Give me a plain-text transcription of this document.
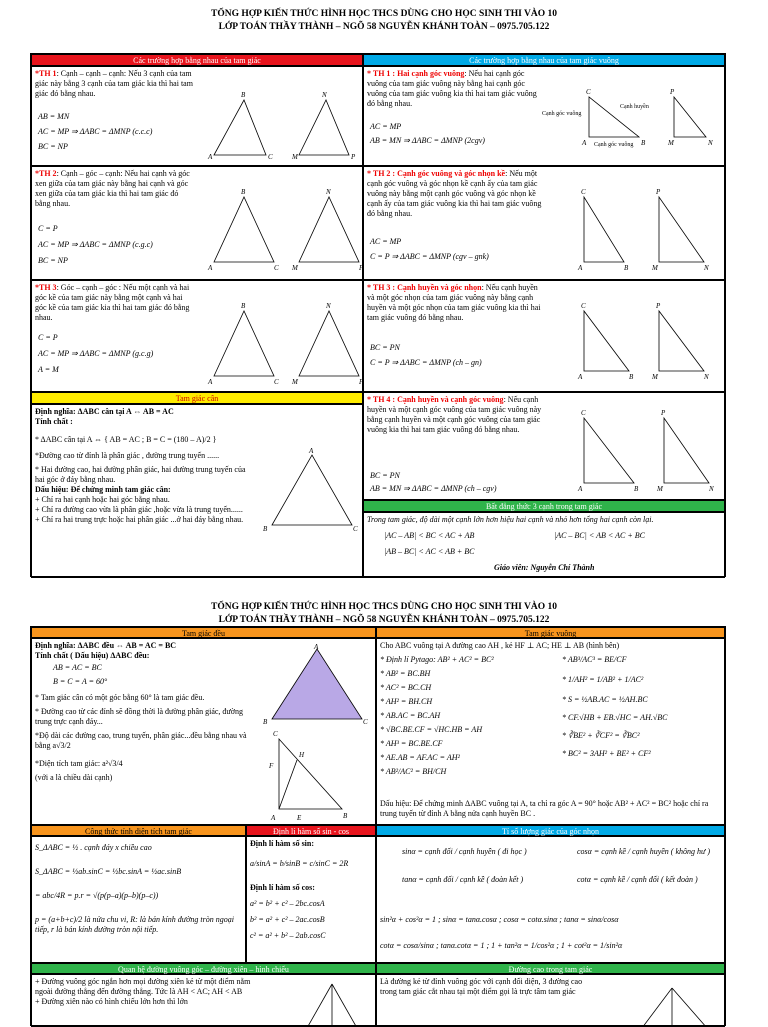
TỔNG HỢP KIẾN THỨC HÌNH HỌC THCS DÙNG CHO HỌC SINH THI VÀO 10
LỚP TOÁN THẦY THÀNH – NGÕ 58 NGUYỄN KHÁNH TOÀN – 0975.705.122
Các trường hợp bằng nhau của tam giác	Các trường hợp bằng nhau của tam giác vuông
*TH 1: Cạnh – cạnh – cạnh: Nếu 3 cạnh của tam giác này bằng 3 cạnh của tam giác kia thì hai tam giác đó bằng nhau.
AB = MN
AC = MP ⇒ ΔABC = ΔMNP (c.c.c)
BC = NP
A
B
C	M
N
P
* TH 1 : Hai cạnh góc vuông: Nếu hai cạnh góc vuông của tam giác vuông này bằng hai cạnh góc vuông của tam giác vuông kia thì hai tam giác vuông đó bằng nhau.
AC = MP
AB = MN ⇒ ΔABC = ΔMNP (2cgv)
C
A	B
P
M	N
Cạnh góc vuông
Cạnh huyền
Cạnh góc vuông
*TH 2: Cạnh – góc – cạnh: Nếu hai cạnh và góc xen giữa của tam giác này bằng hai cạnh và góc xen giữa của tam giác kia thì hai tam giác đó bằng nhau.
C = P
AC = MP ⇒ ΔABC = ΔMNP (c.g.c)
BC = NP
A
B
C M
N
P
* TH 2 : Cạnh góc vuông và góc nhọn kề: Nếu một cạnh góc vuông và góc nhọn kề cạnh ấy của tam giác vuông này bằng một cạnh góc vuông và góc nhọn kề cạnh ấy của tam giác vuông kia thì hai tam giác vuông đó bằng nhau.
AC = MP
C = P ⇒ ΔABC = ΔMNP (cgv – gnk)
C
A	B
P
M	N
*TH 3: Góc – cạnh – góc : Nếu một cạnh và hai góc kề của tam giác này bằng một cạnh và hai góc kề của tam giác kia thì hai tam giác đó bằng nhau.
C = P
AC = MP ⇒ ΔABC = ΔMNP (g.c.g)
A = M
A
B
C M
N
P
* TH 3 : Cạnh huyền và góc nhọn: Nếu cạnh huyền và một góc nhọn của tam giác vuông này bằng cạnh huyền và một góc nhọn của tam giác vuông kia thì hai tam giác vuông đó bằng nhau.
BC = PN
C = P ⇒ ΔABC = ΔMNP (ch – gn)
C
A	B
P
M	N
Tam giác cân
Định nghĩa: ΔABC cân tại A ⇔ AB = AC
Tính chất :
* ΔABC cân tại A ⇔ { AB = AC ; B = C = (180 – A)/2 }
*Đường cao từ đỉnh là phân giác , đường trung tuyến ......
* Hai đường cao, hai đường phân giác, hai đường trung tuyến của hai góc ở đáy bằng nhau.
Dấu hiệu: Để chứng minh tam giác cân:
+ Chỉ ra hai cạnh hoặc hai góc bằng nhau.
+ Chỉ ra đường cao vừa là phân giác ,hoặc vừa là trung tuyến......
+ Chỉ ra hai trung trực hoặc hai phân giác ...ở hai đáy bằng nhau.
A
B	C
* TH 4 : Cạnh huyền và cạnh góc vuông: Nếu cạnh huyền và một cạnh góc vuông của tam giác vuông này bằng cạnh huyền và một cạnh góc vuông của tam giác vuông kia thì hai tam giác vuông đó bằng nhau.
BC = PN
AB = MN ⇒ ΔABC = ΔMNP (ch – cgv)
C
A	B
P
M	N
Bất đẳng thức 3 cạnh trong tam giác
Trong tam giác, độ dài một cạnh lớn hơn hiệu hai cạnh và nhỏ hơn tổng hai cạnh còn lại.
|AC – AB| < BC < AC + AB	|AC – BC| < AB < AC + BC
|AB – BC| < AC < AB + BC
Giáo viên: Nguyễn Chí Thành
TỔNG HỢP KIẾN THỨC HÌNH HỌC THCS DÙNG CHO HỌC SINH THI VÀO 10
LỚP TOÁN THẦY THÀNH – NGÕ 58 NGUYỄN KHÁNH TOÀN – 0975.705.122
Tam giác đều	Tam giác vuông
Định nghĩa: ΔABC đều ⇔ AB = AC = BC
Tính chất ( Dấu hiệu) ΔABC đều:
AB = AC = BC
B = C = A = 60°
* Tam giác cân có một góc bằng 60° là tam giác đều.
* Đường cao từ các đỉnh sẽ đồng thời là đường phân giác, đường trung trực cạnh đáy...
*Độ dài các đường cao, trung tuyến, phân giác...đều bằng nhau và bằng a√3/2
*Diện tích tam giác: a²√3/4
(với a là chiều dài cạnh)
A
B	C
C
A	B
H
F
E
Cho ABC vuông tại A đường cao AH , kẻ HF ⊥ AC; HE ⊥ AB (hình bên)
* Định lí Pytago: AB² + AC² = BC²
* AB² = BC.BH
* AC² = BC.CH
* AH² = BH.CH
* AB.AC = BC.AH
* √BC.BE.CF = √HC.HB = AH
* AH³ = BC.BE.CF
* AE.AB = AF.AC = AH²
* AB²/AC² = BH/CH
* AB³/AC³ = BE/CF
* 1/AH² = 1/AB² + 1/AC²
* S = ½AB.AC = ½AH.BC
* CF.√HB + EB.√HC = AH.√BC
* ∛BE² + ∛CF² = ∛BC²
* BC² = 3AH² + BE² + CF²
Dấu hiệu: Để chứng minh ΔABC vuông tại A, ta chỉ ra góc A = 90° hoặc AB² + AC² = BC² hoặc chỉ ra trung tuyến từ đỉnh A bằng nửa cạnh huyền BC .
Công thức tính diện tích tam giác	Định lí hàm số sin - cos	Tỉ số lượng giác của góc nhọn
S_ΔABC = ½ . cạnh đáy x chiều cao
S_ΔABC = ½ab.sinC = ½bc.sinA = ½ac.sinB
= abc/4R = p.r = √(p(p–a)(p–b)(p–c))
p = (a+b+c)/2 là nửa chu vi, R: là bán kính đường tròn ngoại tiếp, r là bán kính đường tròn nội tiếp.
Định lí hàm số sin:
a/sinA = b/sinB = c/sinC = 2R
Định lí hàm số cos:
a² = b² + c² – 2bc.cosA
b² = a² + c² – 2ac.cosB
c² = a² + b² – 2ab.cosC
sinα = cạnh đối / cạnh huyền ( đi học )	cosα = cạnh kề / cạnh huyền ( không hư )
tanα = cạnh đối / cạnh kề ( đoàn kết )	cotα = cạnh kề / cạnh đối ( kết đoàn )
sin²α + cos²α = 1 ; sinα = tanα.cosα ; cosα = cotα.sinα ; tanα = sinα/cosα
cotα = cosα/sinα ; tanα.cotα = 1 ; 1 + tan²α = 1/cos²α ; 1 + cot²α = 1/sin²α
Quan hệ đường vuông góc – đường xiên – hình chiếu	Đường cao trong tam giác
+ Đường vuông góc ngắn hơn mọi đường xiên kẻ từ một điểm nằm ngoài đường thẳng đến đường thẳng. Tức là AH < AC; AH < AB
+ Đường xiên nào có hình chiếu lớn hơn thì lớn
Là đường kẻ từ đỉnh vuông góc với cạnh đối diện, 3 đường cao trong tam giác cắt nhau tại một điểm gọi là trực tâm tam giác
